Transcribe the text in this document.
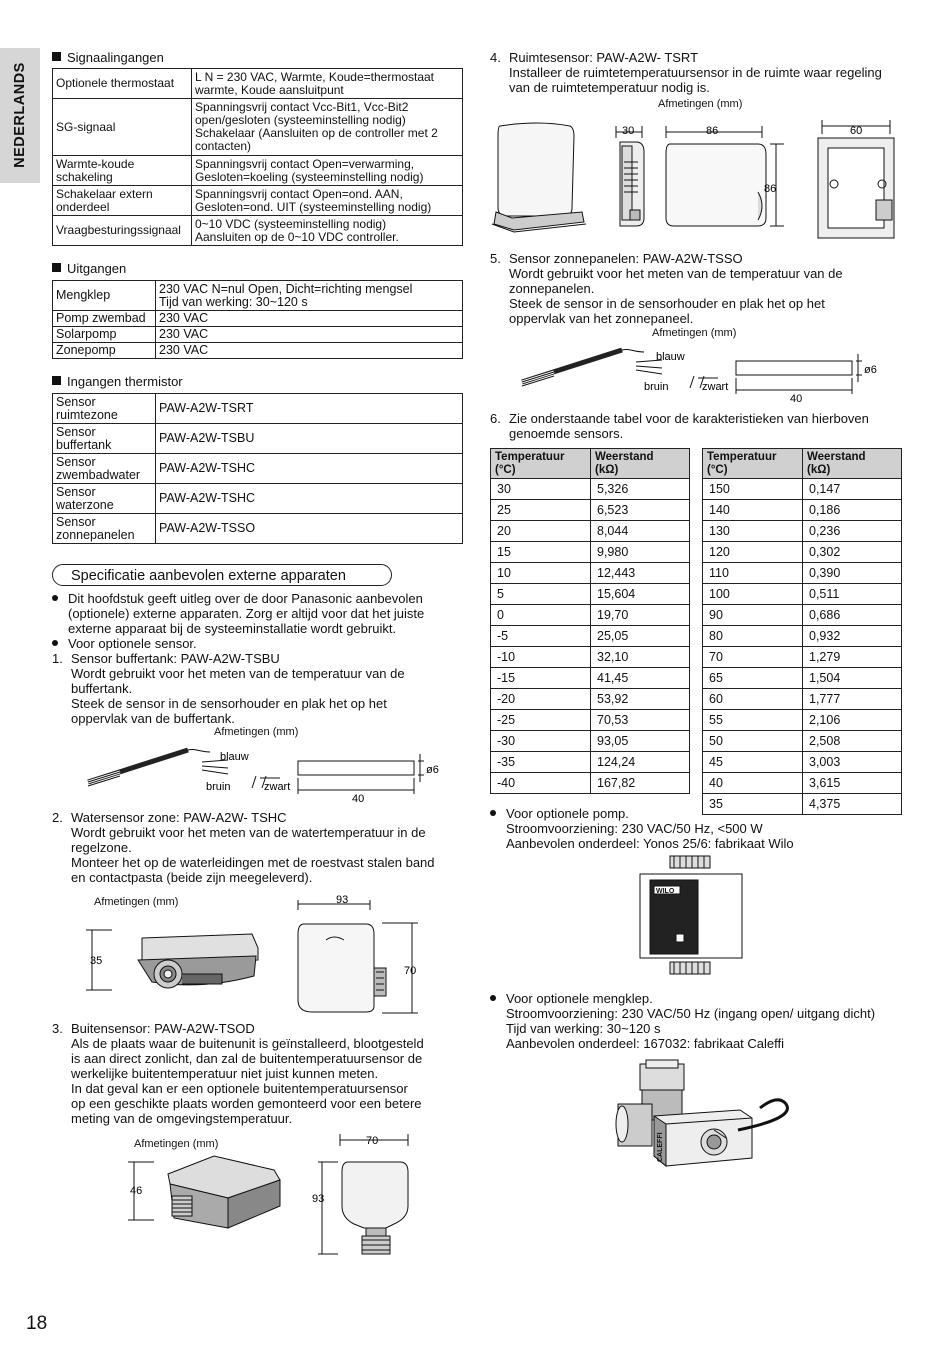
NEDERLANDS
Signaalingangen
Optionele thermostaat	L N = 230 VAC, Warmte, Koude=thermostaat
warmte, Koude aansluitpunt
SG-signaal	Spanningsvrij contact Vcc-Bit1, Vcc-Bit2
open/gesloten (systeeminstelling nodig)
Schakelaar (Aansluiten op de controller met 2
contacten)
Warmte-koude schakeling	Spanningsvrij contact Open=verwarming,
Gesloten=koeling (systeeminstelling nodig)
Schakelaar extern onderdeel	Spanningsvrij contact Open=ond. AAN,
Gesloten=ond. UIT (systeeminstelling nodig)
Vraagbesturingssignaal	0~10 VDC (systeeminstelling nodig)
Aansluiten op de 0~10 VDC controller.
Uitgangen
Mengklep	230 VAC N=nul Open, Dicht=richting mengsel
Tijd van werking: 30~120 s
Pomp zwembad	230 VAC
Solarpomp	230 VAC
Zonepomp	230 VAC
Ingangen thermistor
Sensor ruimtezone	PAW-A2W-TSRT
Sensor buffertank	PAW-A2W-TSBU
Sensor zwembadwater	PAW-A2W-TSHC
Sensor waterzone	PAW-A2W-TSHC
Sensor zonnepanelen	PAW-A2W-TSSO
Specificatie aanbevolen externe apparaten

Dit hoofdstuk geeft uitleg over de door Panasonic aanbevolen

(optionele) externe apparaten. Zorg er altijd voor dat het juiste

externe apparaat bij de systeeminstallatie wordt gebruikt.

Voor optionele sensor.

1. Sensor buffertank: PAW-A2W-TSBU

Wordt gebruikt voor het meten van de temperatuur van de

buffertank.

Steek de sensor in de sensorhouder en plak het op het

oppervlak van de buffertank.

Afmetingen (mm)
blauw
bruin	zwart
40
ø6

2. Watersensor zone: PAW-A2W- TSHC

Wordt gebruikt voor het meten van de watertemperatuur in de

regelzone.

Monteer het op de waterleidingen met de roestvast stalen band

en contactpasta (beide zijn meegeleverd).

Afmetingen (mm)
35
93
70

3. Buitensensor: PAW-A2W-TSOD

Als de plaats waar de buitenunit is geïnstalleerd, blootgesteld

is aan direct zonlicht, dan zal de buitentemperatuursensor de

werkelijke buitentemperatuur niet juist kunnen meten.

In dat geval kan er een optionele buitentemperatuursensor

op een geschikte plaats worden gemonteerd voor een betere

meting van de omgevingstemperatuur.

Afmetingen (mm)
46
70
93

4. Ruimtesensor: PAW-A2W- TSRT

Installeer de ruimtetemperatuursensor in de ruimte waar regeling

van de ruimtetemperatuur nodig is.

Afmetingen (mm)
30	86
86
60

5. Sensor zonnepanelen: PAW-A2W-TSSO

Wordt gebruikt voor het meten van de temperatuur van de

zonnepanelen.

Steek de sensor in de sensorhouder en plak het op het

oppervlak van het zonnepaneel.

Afmetingen (mm)
blauw
bruin	zwart
40
ø6

6. Zie onderstaande tabel voor de karakteristieken van hierboven

genoemde sensors.

Temperatuur
(°C)	Weerstand
(kΩ)
30	5,326
25	6,523
20	8,044
15	9,980
10	12,443
5	15,604
0	19,70
-5	25,05
-10	32,10
-15	41,45
-20	53,92
-25	70,53
-30	93,05
-35	124,24
-40	167,82
Temperatuur
(°C)	Weerstand
(kΩ)
150	0,147
140	0,186
130	0,236
120	0,302
110	0,390
100	0,511
90	0,686
80	0,932
70	1,279
65	1,504
60	1,777
55	2,106
50	2,508
45	3,003
40	3,615
35	4,375

Voor optionele pomp.

Stroomvoorziening: 230 VAC/50 Hz, <500 W

Aanbevolen onderdeel: Yonos 25/6: fabrikaat Wilo

WILO

Voor optionele mengklep.

Stroomvoorziening: 230 VAC/50 Hz (ingang open/ uitgang dicht)

Tijd van werking: 30~120 s

Aanbevolen onderdeel: 167032: fabrikaat Caleffi

CALEFFI
18
